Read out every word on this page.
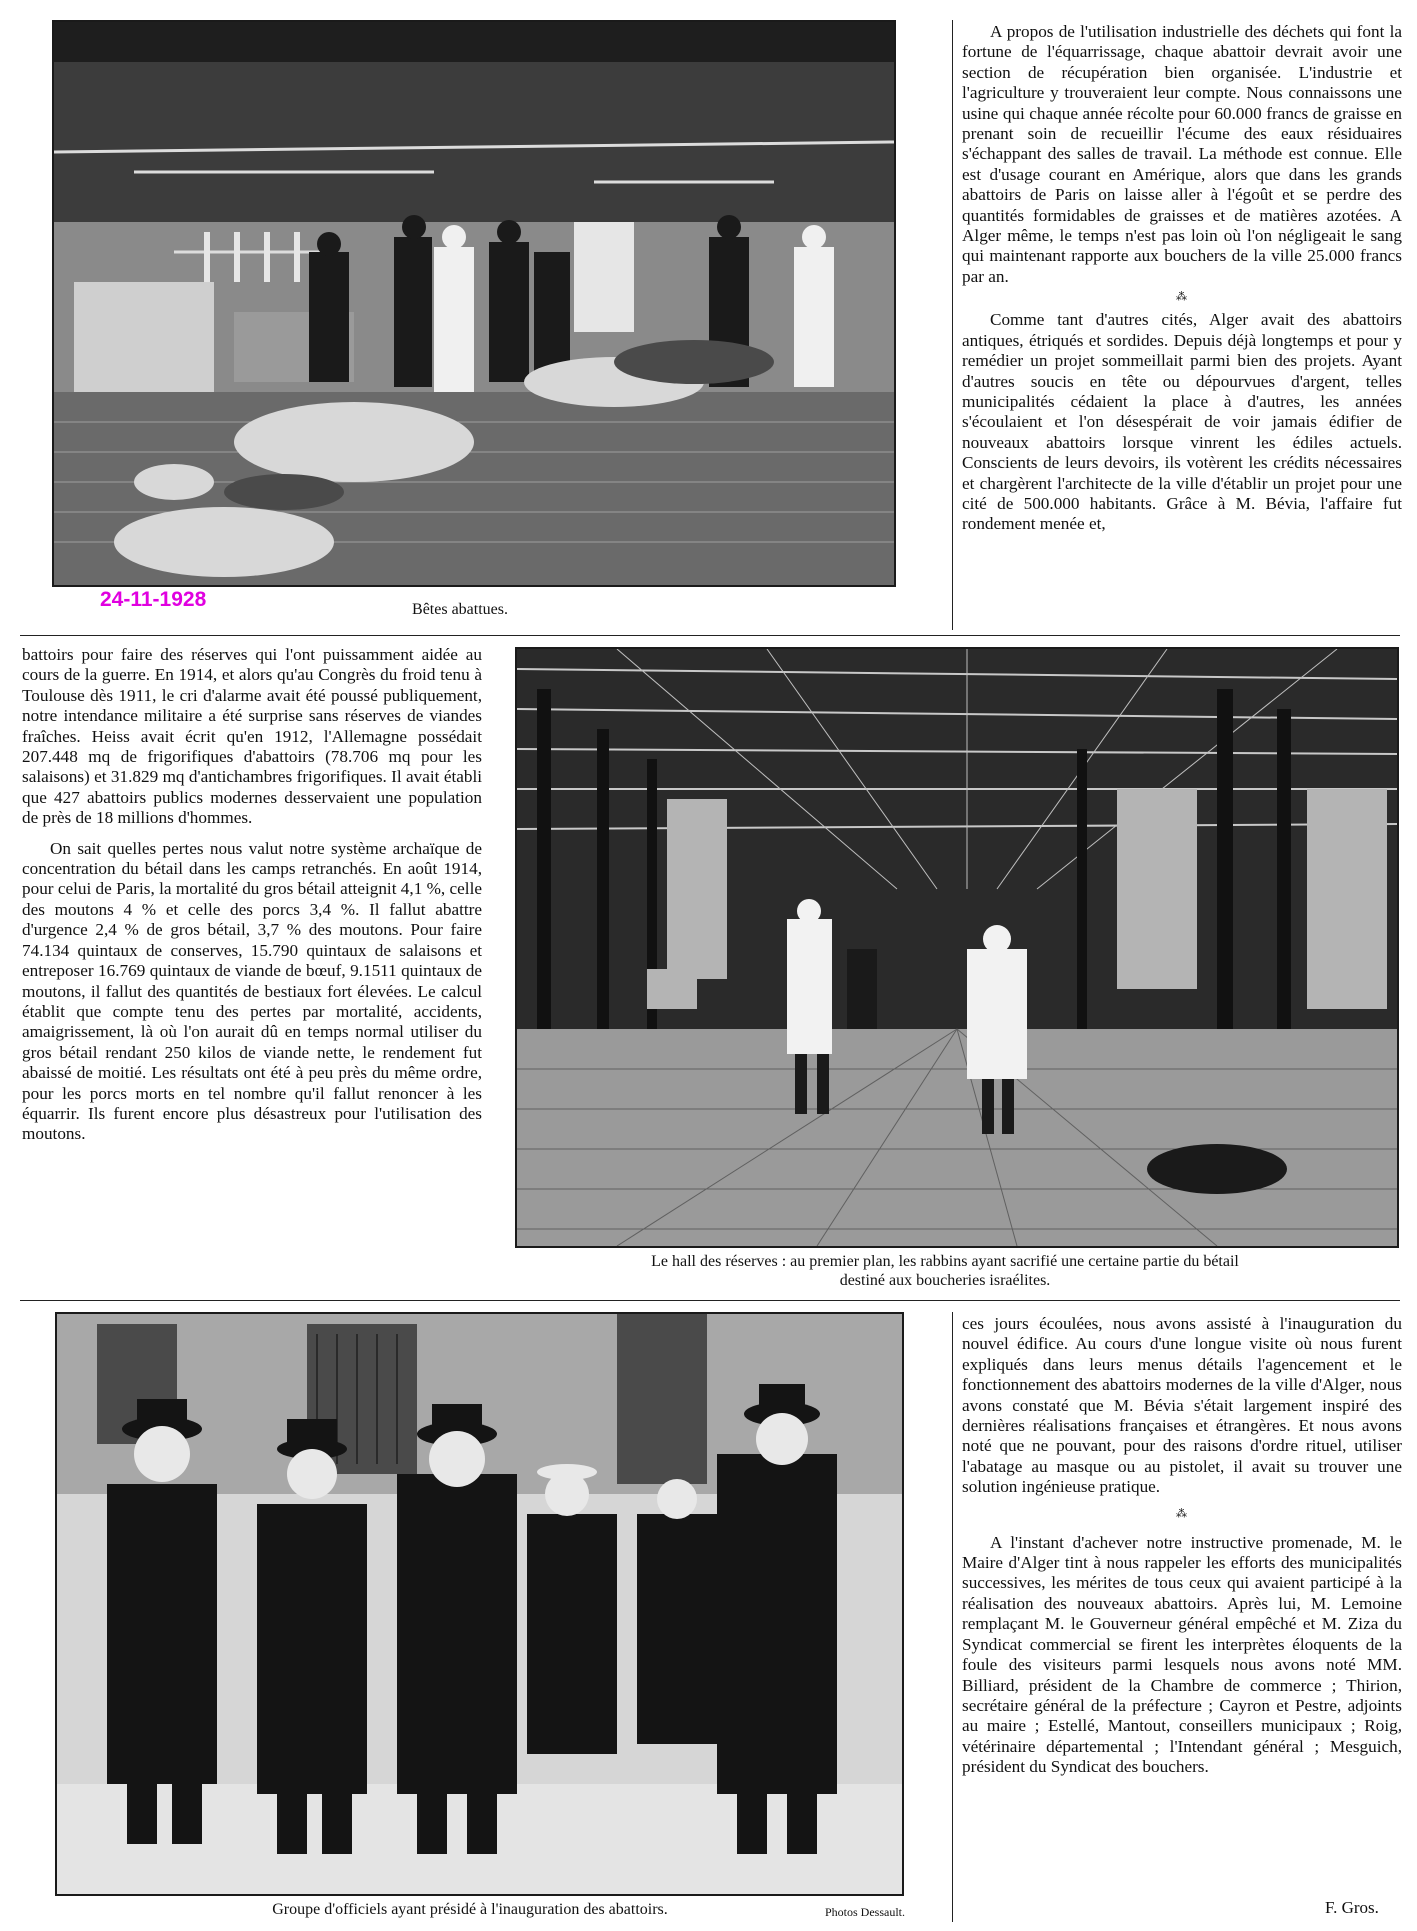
24-11-1928	Bêtes abattues.

A propos de l'utilisation industrielle des déchets qui font la fortune de l'équarrissage, chaque abattoir devrait avoir une section de récupération bien organisée. L'industrie et l'agriculture y trouveraient leur compte. Nous connaissons une usine qui chaque année récolte pour 60.000 francs de graisse en prenant soin de recueillir l'écume des eaux résiduaires s'échappant des salles de travail. La méthode est connue. Elle est d'usage courant en Amérique, alors que dans les grands abattoirs de Paris on laisse aller à l'égoût et se perdre des quantités formidables de graisses et de matières azotées. A Alger même, le temps n'est pas loin où l'on négligeait le sang qui maintenant rapporte aux bouchers de la ville 25.000 francs par an.

⁂

Comme tant d'autres cités, Alger avait des abattoirs antiques, étriqués et sordides. Depuis déjà longtemps et pour y remédier un projet sommeillait parmi bien des projets. Ayant d'autres soucis en tête ou dépourvues d'argent, telles municipalités cédaient la place à d'autres, les années s'écoulaient et l'on désespérait de voir jamais édifier de nouveaux abattoirs lorsque vinrent les édiles actuels. Conscients de leurs devoirs, ils votèrent les crédits nécessaires et chargèrent l'architecte de la ville d'établir un projet pour une cité de 500.000 habitants. Grâce à M. Bévia, l'affaire fut rondement menée et,

battoirs pour faire des réserves qui l'ont puissamment aidée au cours de la guerre. En 1914, et alors qu'au Congrès du froid tenu à Toulouse dès 1911, le cri d'alarme avait été poussé publiquement, notre intendance militaire a été surprise sans réserves de viandes fraîches. Heiss avait écrit qu'en 1912, l'Allemagne possédait 207.448 mq de frigorifiques d'abattoirs (78.706 mq pour les salaisons) et 31.829 mq d'antichambres frigorifiques. Il avait établi que 427 abattoirs publics modernes desservaient une population de près de 18 millions d'hommes.

On sait quelles pertes nous valut notre système archaïque de concentration du bétail dans les camps retranchés. En août 1914, pour celui de Paris, la mortalité du gros bétail atteignit 4,1 %, celle des moutons 4 % et celle des porcs 3,4 %. Il fallut abattre d'urgence 2,4 % de gros bétail, 3,7 % des moutons. Pour faire 74.134 quintaux de conserves, 15.790 quintaux de salaisons et entreposer 16.769 quintaux de viande de bœuf, 9.1511 quintaux de moutons, il fallut des quantités de bestiaux fort élevées. Le calcul établit que compte tenu des pertes par mortalité, accidents, amaigrissement, là où l'on aurait dû en temps normal utiliser du gros bétail rendant 250 kilos de viande nette, le rendement fut abaissé de moitié. Les résultats ont été à peu près du même ordre, pour les porcs morts en tel nombre qu'il fallut renoncer à les équarrir. Ils furent encore plus désastreux pour l'utilisation des moutons.

Le hall des réserves : au premier plan, les rabbins ayant sacrifié une certaine partie du bétail
destiné aux boucheries israélites.
Groupe d'officiels ayant présidé à l'inauguration des abattoirs.	Photos Dessault.

ces jours écoulées, nous avons assisté à l'inauguration du nouvel édifice. Au cours d'une longue visite où nous furent expliqués dans leurs menus détails l'agencement et le fonctionnement des abattoirs modernes de la ville d'Alger, nous avons constaté que M. Bévia s'était largement inspiré des dernières réalisations françaises et étrangères. Et nous avons noté que ne pouvant, pour des raisons d'ordre rituel, utiliser l'abatage au masque ou au pistolet, il avait su trouver une solution ingénieuse pratique.

⁂

A l'instant d'achever notre instructive promenade, M. le Maire d'Alger tint à nous rappeler les efforts des municipalités successives, les mérites de tous ceux qui avaient participé à la réalisation des nouveaux abattoirs. Après lui, M. Lemoine remplaçant M. le Gouverneur général empêché et M. Ziza du Syndicat commercial se firent les interprètes éloquents de la foule des visiteurs parmi lesquels nous avons noté MM. Billiard, président de la Chambre de commerce ; Thirion, secrétaire général de la préfecture ; Cayron et Pestre, adjoints au maire ; Estellé, Mantout, conseillers municipaux ; Roig, vétérinaire départemental ; l'Intendant général ; Mesguich, président du Syndicat des bouchers.

F. Gros.
